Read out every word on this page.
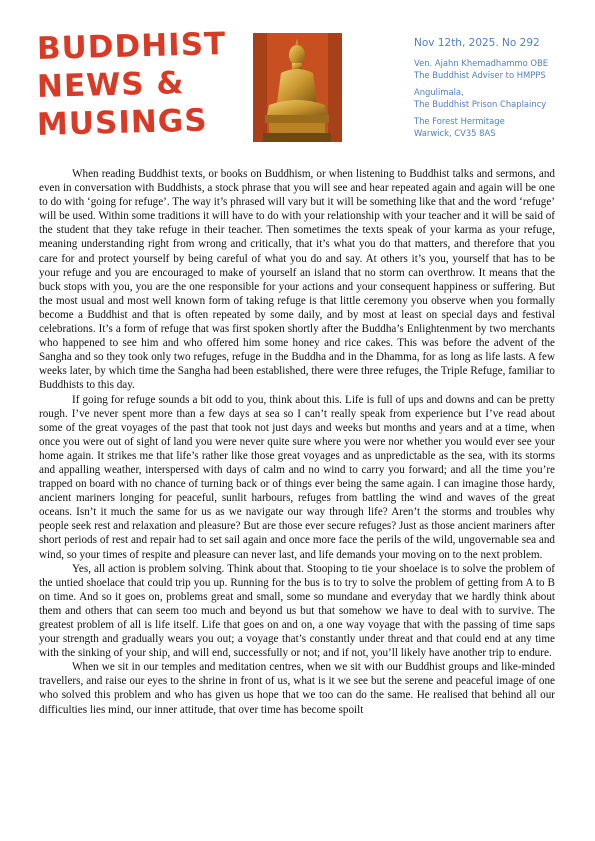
BUDDHIST
NEWS &
MUSINGS
Nov 12th, 2025. No 292
Ven. Ajahn Khemadhammo OBE
The Buddhist Adviser to HMPPS
Angulimala,
The Buddhist Prison Chaplaincy
The Forest Hermitage
Warwick, CV35 8AS

When reading Buddhist texts, or books on Buddhism, or when listening to Buddhist talks and sermons, and even in conversation with Buddhists, a stock phrase that you will see and hear repeated again and again will be one to do with ‘going for refuge’. The way it’s phrased will vary but it will be something like that and the word ‘refuge’ will be used. Within some traditions it will have to do with your relationship with your teacher and it will be said of the student that they take refuge in their teacher. Then sometimes the texts speak of your karma as your refuge, meaning understanding right from wrong and critically, that it’s what you do that matters, and therefore that you care for and protect yourself by being careful of what you do and say. At others it’s you, yourself that has to be your refuge and you are encouraged to make of yourself an island that no storm can overthrow. It means that the buck stops with you, you are the one responsible for your actions and your consequent happiness or suffering. But the most usual and most well known form of taking refuge is that little ceremony you observe when you formally become a Buddhist and that is often repeated by some daily, and by most at least on special days and festival celebrations. It’s a form of refuge that was first spoken shortly after the Buddha’s Enlightenment by two merchants who happened to see him and who offered him some honey and rice cakes. This was before the advent of the Sangha and so they took only two refuges, refuge in the Buddha and in the Dhamma, for as long as life lasts. A few weeks later, by which time the Sangha had been established, there were three refuges, the Triple Refuge, familiar to Buddhists to this day.

If going for refuge sounds a bit odd to you, think about this. Life is full of ups and downs and can be pretty rough. I’ve never spent more than a few days at sea so I can’t really speak from experience but I’ve read about some of the great voyages of the past that took not just days and weeks but months and years and at a time, when once you were out of sight of land you were never quite sure where you were nor whether you would ever see your home again. It strikes me that life’s rather like those great voyages and as unpredictable as the sea, with its storms and appalling weather, interspersed with days of calm and no wind to carry you forward; and all the time you’re trapped on board with no chance of turning back or of things ever being the same again. I can imagine those hardy, ancient mariners longing for peaceful, sunlit harbours, refuges from battling the wind and waves of the great oceans. Isn’t it much the same for us as we navigate our way through life? Aren’t the storms and troubles why people seek rest and relaxation and pleasure? But are those ever secure refuges? Just as those ancient mariners after short periods of rest and repair had to set sail again and once more face the perils of the wild, ungovernable sea and wind, so your times of respite and pleasure can never last, and life demands your moving on to the next problem.

Yes, all action is problem solving. Think about that. Stooping to tie your shoelace is to solve the problem of the untied shoelace that could trip you up. Running for the bus is to try to solve the problem of getting from A to B on time. And so it goes on, problems great and small, some so mundane and everyday that we hardly think about them and others that can seem too much and beyond us but that somehow we have to deal with to survive. The greatest problem of all is life itself. Life that goes on and on, a one way voyage that with the passing of time saps your strength and gradually wears you out; a voyage that’s constantly under threat and that could end at any time with the sinking of your ship, and will end, successfully or not; and if not, you’ll likely have another trip to endure.

When we sit in our temples and meditation centres, when we sit with our Buddhist groups and like-minded travellers, and raise our eyes to the shrine in front of us, what is it we see but the serene and peaceful image of one who solved this problem and who has given us hope that we too can do the same. He realised that behind all our difficulties lies mind, our inner attitude, that over time has become spoilt
